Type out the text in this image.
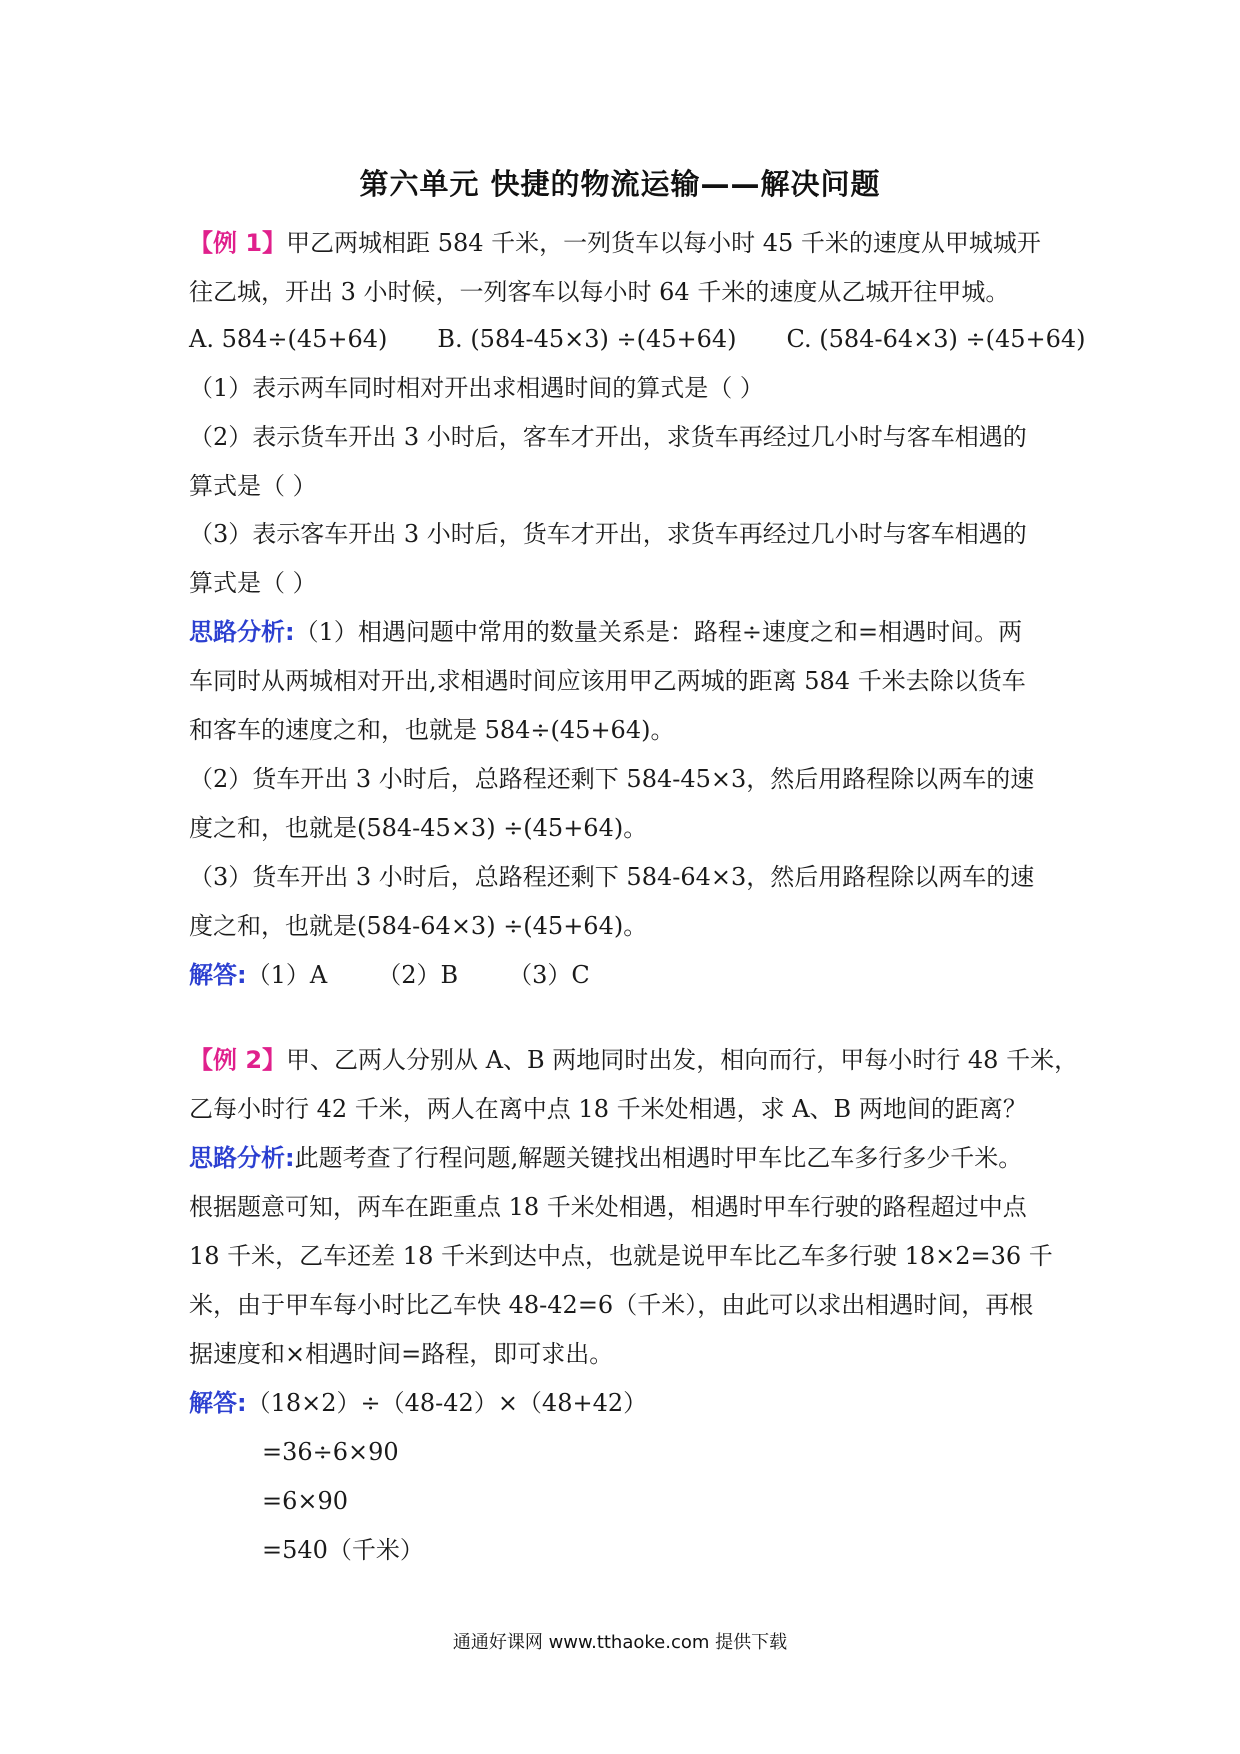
第六单元 快捷的物流运输——解决问题
【例 1】甲乙两城相距 584 千米，一列货车以每小时 45 千米的速度从甲城城开
往乙城，开出 3 小时候，一列客车以每小时 64 千米的速度从乙城开往甲城。
A. 584÷(45+64) B. (584-45×3) ÷(45+64) C. (584-64×3) ÷(45+64)
（1）表示两车同时相对开出求相遇时间的算式是（ ）
（2）表示货车开出 3 小时后，客车才开出，求货车再经过几小时与客车相遇的
算式是（ ）
（3）表示客车开出 3 小时后，货车才开出，求货车再经过几小时与客车相遇的
算式是（ ）
思路分析:（1）相遇问题中常用的数量关系是：路程÷速度之和=相遇时间。两
车同时从两城相对开出,求相遇时间应该用甲乙两城的距离 584 千米去除以货车
和客车的速度之和，也就是 584÷(45+64)。
（2）货车开出 3 小时后，总路程还剩下 584-45×3，然后用路程除以两车的速
度之和，也就是(584-45×3) ÷(45+64)。
（3）货车开出 3 小时后，总路程还剩下 584-64×3，然后用路程除以两车的速
度之和，也就是(584-64×3) ÷(45+64)。
解答:（1）A （2）B （3）C
【例 2】甲、乙两人分别从 A、B 两地同时出发，相向而行，甲每小时行 48 千米，
乙每小时行 42 千米，两人在离中点 18 千米处相遇，求 A、B 两地间的距离？
思路分析:此题考查了行程问题,解题关键找出相遇时甲车比乙车多行多少千米。
根据题意可知，两车在距重点 18 千米处相遇，相遇时甲车行驶的路程超过中点
18 千米，乙车还差 18 千米到达中点，也就是说甲车比乙车多行驶 18×2=36 千
米，由于甲车每小时比乙车快 48-42=6（千米），由此可以求出相遇时间，再根
据速度和×相遇时间=路程，即可求出。
解答:（18×2）÷（48-42）×（48+42）
=36÷6×90
=6×90
=540（千米）
通通好课网 www.tthaoke.com 提供下载
